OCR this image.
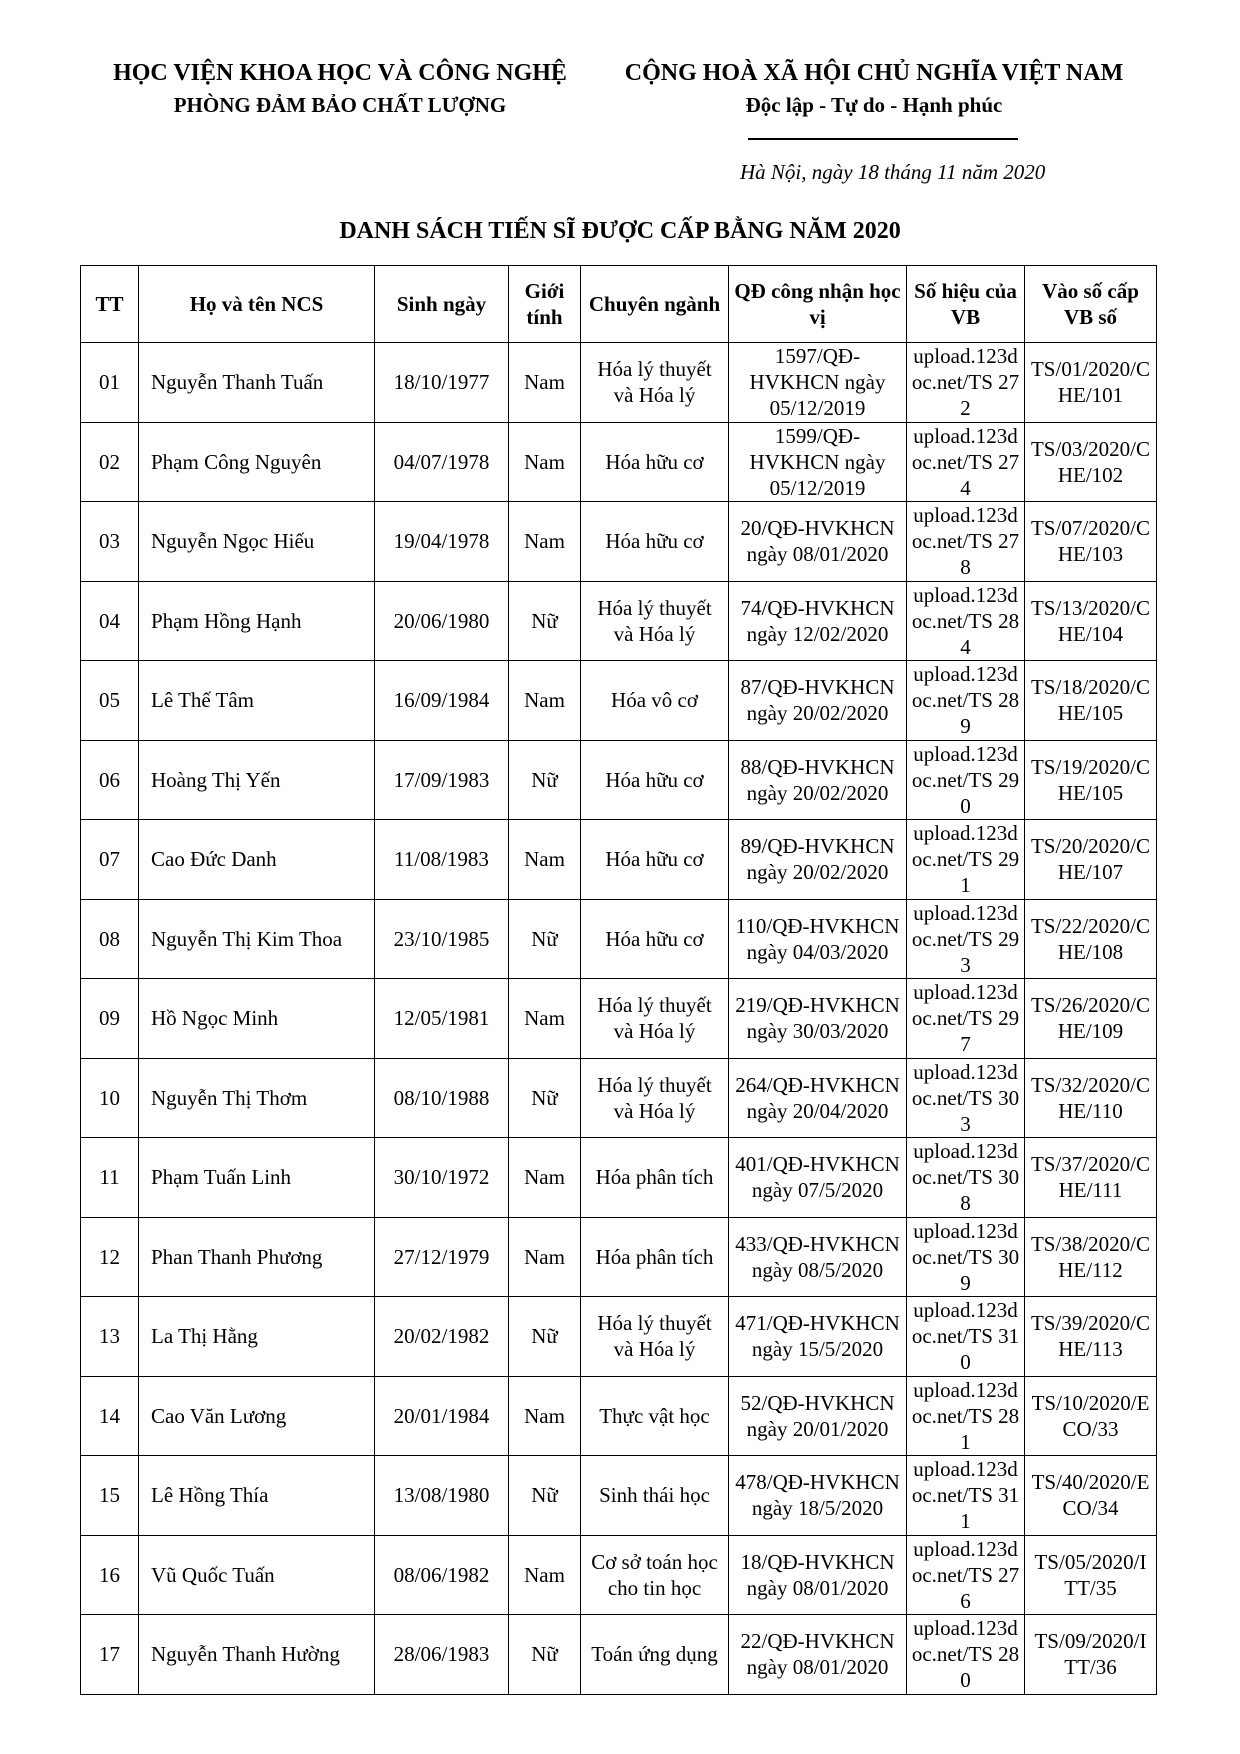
HỌC VIỆN KHOA HỌC VÀ CÔNG NGHỆ
PHÒNG ĐẢM BẢO CHẤT LƯỢNG
CỘNG HOÀ XÃ HỘI CHỦ NGHĨA VIỆT NAM
Độc lập - Tự do - Hạnh phúc
Hà Nội, ngày 18 tháng 11 năm 2020
DANH SÁCH TIẾN SĨ ĐƯỢC CẤP BẰNG NĂM 2020
TT	Họ và tên NCS	Sinh ngày	Giới tính	Chuyên ngành	QĐ công nhận học vị	Số hiệu của VB	Vào số cấp VB số
01	Nguyễn Thanh Tuấn	18/10/1977	Nam	Hóa lý thuyết và Hóa lý	1597/QĐ-HVKHCN ngày 05/12/2019	upload.123doc.net/TS 272	TS/01/2020/CHE/101
02	Phạm Công Nguyên	04/07/1978	Nam	Hóa hữu cơ	1599/QĐ-HVKHCN ngày 05/12/2019	upload.123doc.net/TS 274	TS/03/2020/CHE/102
03	Nguyễn Ngọc Hiếu	19/04/1978	Nam	Hóa hữu cơ	20/QĐ-HVKHCN ngày 08/01/2020	upload.123doc.net/TS 278	TS/07/2020/CHE/103
04	Phạm Hồng Hạnh	20/06/1980	Nữ	Hóa lý thuyết và Hóa lý	74/QĐ-HVKHCN ngày 12/02/2020	upload.123doc.net/TS 284	TS/13/2020/CHE/104
05	Lê Thế Tâm	16/09/1984	Nam	Hóa vô cơ	87/QĐ-HVKHCN ngày 20/02/2020	upload.123doc.net/TS 289	TS/18/2020/CHE/105
06	Hoàng Thị Yến	17/09/1983	Nữ	Hóa hữu cơ	88/QĐ-HVKHCN ngày 20/02/2020	upload.123doc.net/TS 290	TS/19/2020/CHE/105
07	Cao Đức Danh	11/08/1983	Nam	Hóa hữu cơ	89/QĐ-HVKHCN ngày 20/02/2020	upload.123doc.net/TS 291	TS/20/2020/CHE/107
08	Nguyễn Thị Kim Thoa	23/10/1985	Nữ	Hóa hữu cơ	110/QĐ-HVKHCN ngày 04/03/2020	upload.123doc.net/TS 293	TS/22/2020/CHE/108
09	Hồ Ngọc Minh	12/05/1981	Nam	Hóa lý thuyết và Hóa lý	219/QĐ-HVKHCN ngày 30/03/2020	upload.123doc.net/TS 297	TS/26/2020/CHE/109
10	Nguyễn Thị Thơm	08/10/1988	Nữ	Hóa lý thuyết và Hóa lý	264/QĐ-HVKHCN ngày 20/04/2020	upload.123doc.net/TS 303	TS/32/2020/CHE/110
11	Phạm Tuấn Linh	30/10/1972	Nam	Hóa phân tích	401/QĐ-HVKHCN ngày 07/5/2020	upload.123doc.net/TS 308	TS/37/2020/CHE/111
12	Phan Thanh Phương	27/12/1979	Nam	Hóa phân tích	433/QĐ-HVKHCN ngày 08/5/2020	upload.123doc.net/TS 309	TS/38/2020/CHE/112
13	La Thị Hằng	20/02/1982	Nữ	Hóa lý thuyết và Hóa lý	471/QĐ-HVKHCN ngày 15/5/2020	upload.123doc.net/TS 310	TS/39/2020/CHE/113
14	Cao Văn Lương	20/01/1984	Nam	Thực vật học	52/QĐ-HVKHCN ngày 20/01/2020	upload.123doc.net/TS 281	TS/10/2020/ECO/33
15	Lê Hồng Thía	13/08/1980	Nữ	Sinh thái học	478/QĐ-HVKHCN ngày 18/5/2020	upload.123doc.net/TS 311	TS/40/2020/ECO/34
16	Vũ Quốc Tuấn	08/06/1982	Nam	Cơ sở toán học cho tin học	18/QĐ-HVKHCN ngày 08/01/2020	upload.123doc.net/TS 276	TS/05/2020/ITT/35
17	Nguyễn Thanh Hường	28/06/1983	Nữ	Toán ứng dụng	22/QĐ-HVKHCN ngày 08/01/2020	upload.123doc.net/TS 280	TS/09/2020/ITT/36
